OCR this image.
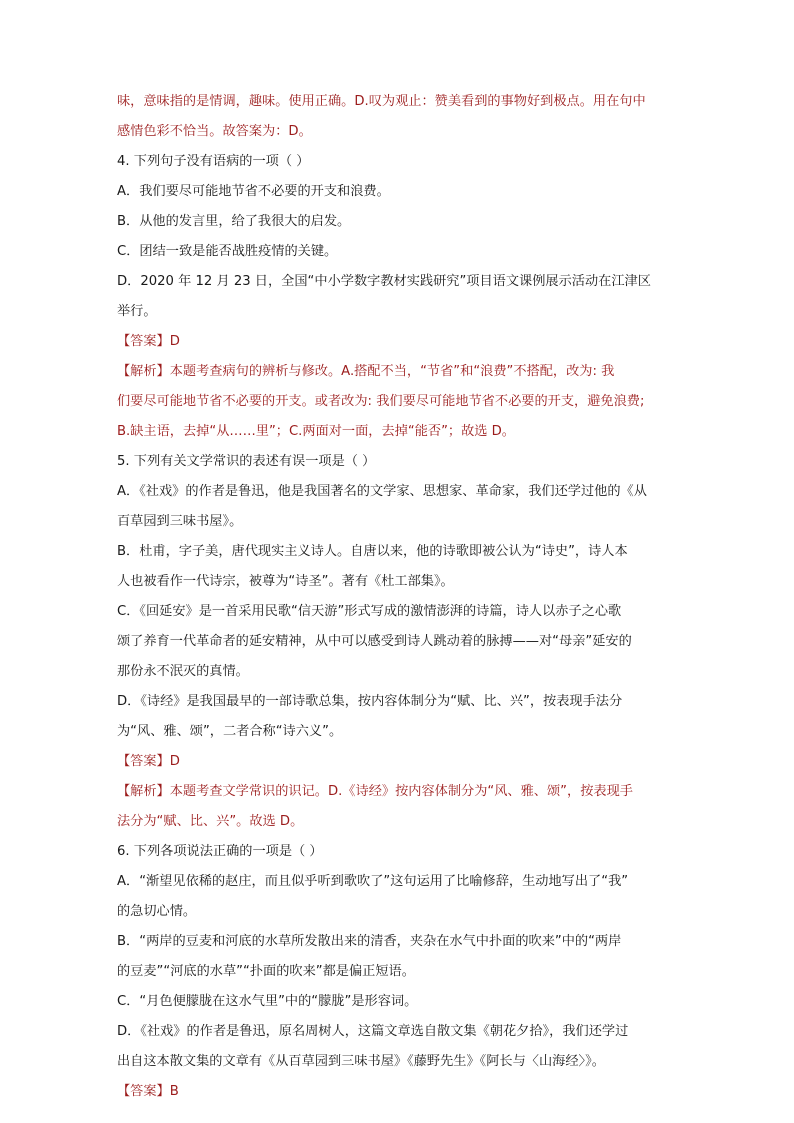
味，意味指的是情调，趣味。使用正确。D.叹为观止：赞美看到的事物好到极点。用在句中

感情色彩不恰当。故答案为：D。

4. 下列句子没有语病的一项（ ）

A．我们要尽可能地节省不必要的开支和浪费。

B．从他的发言里，给了我很大的启发。

C．团结一致是能否战胜疫情的关键。

D．2020 年 12 月 23 日，全国“中小学数字教材实践研究”项目语文课例展示活动在江津区

举行。

【答案】D

【解析】本题考查病句的辨析与修改。A.搭配不当，“节省”和“浪费”不搭配，改为: 我

们要尽可能地节省不必要的开支。或者改为: 我们要尽可能地节省不必要的开支，避免浪费;

B.缺主语，去掉“从……里”；C.两面对一面，去掉“能否”；故选 D。

5. 下列有关文学常识的表述有误一项是（ ）

A．《社戏》的作者是鲁迅，他是我国著名的文学家、思想家、革命家，我们还学过他的《从

百草园到三味书屋》。

B．杜甫，字子美，唐代现实主义诗人。自唐以来，他的诗歌即被公认为“诗史”，诗人本

人也被看作一代诗宗，被尊为“诗圣”。著有《杜工部集》。

C．《回延安》是一首采用民歌“信天游”形式写成的激情澎湃的诗篇，诗人以赤子之心歌

颂了养育一代革命者的延安精神，从中可以感受到诗人跳动着的脉搏——对“母亲”延安的

那份永不泯灭的真情。

D．《诗经》是我国最早的一部诗歌总集，按内容体制分为“赋、比、兴”，按表现手法分

为“风、雅、颂”，二者合称“诗六义”。

【答案】D

【解析】本题考查文学常识的识记。D.《诗经》按内容体制分为“风、雅、颂”，按表现手

法分为“赋、比、兴”。故选 D。

6. 下列各项说法正确的一项是（ ）

A．“渐望见依稀的赵庄，而且似乎听到歌吹了”这句运用了比喻修辞，生动地写出了“我”

的急切心情。

B．“两岸的豆麦和河底的水草所发散出来的清香，夹杂在水气中扑面的吹来”中的“两岸

的豆麦”“河底的水草”“扑面的吹来”都是偏正短语。

C．“月色便朦胧在这水气里”中的“朦胧”是形容词。

D．《社戏》的作者是鲁迅，原名周树人，这篇文章选自散文集《朝花夕拾》，我们还学过

出自这本散文集的文章有《从百草园到三味书屋》《藤野先生》《阿长与〈山海经〉》。

【答案】B
